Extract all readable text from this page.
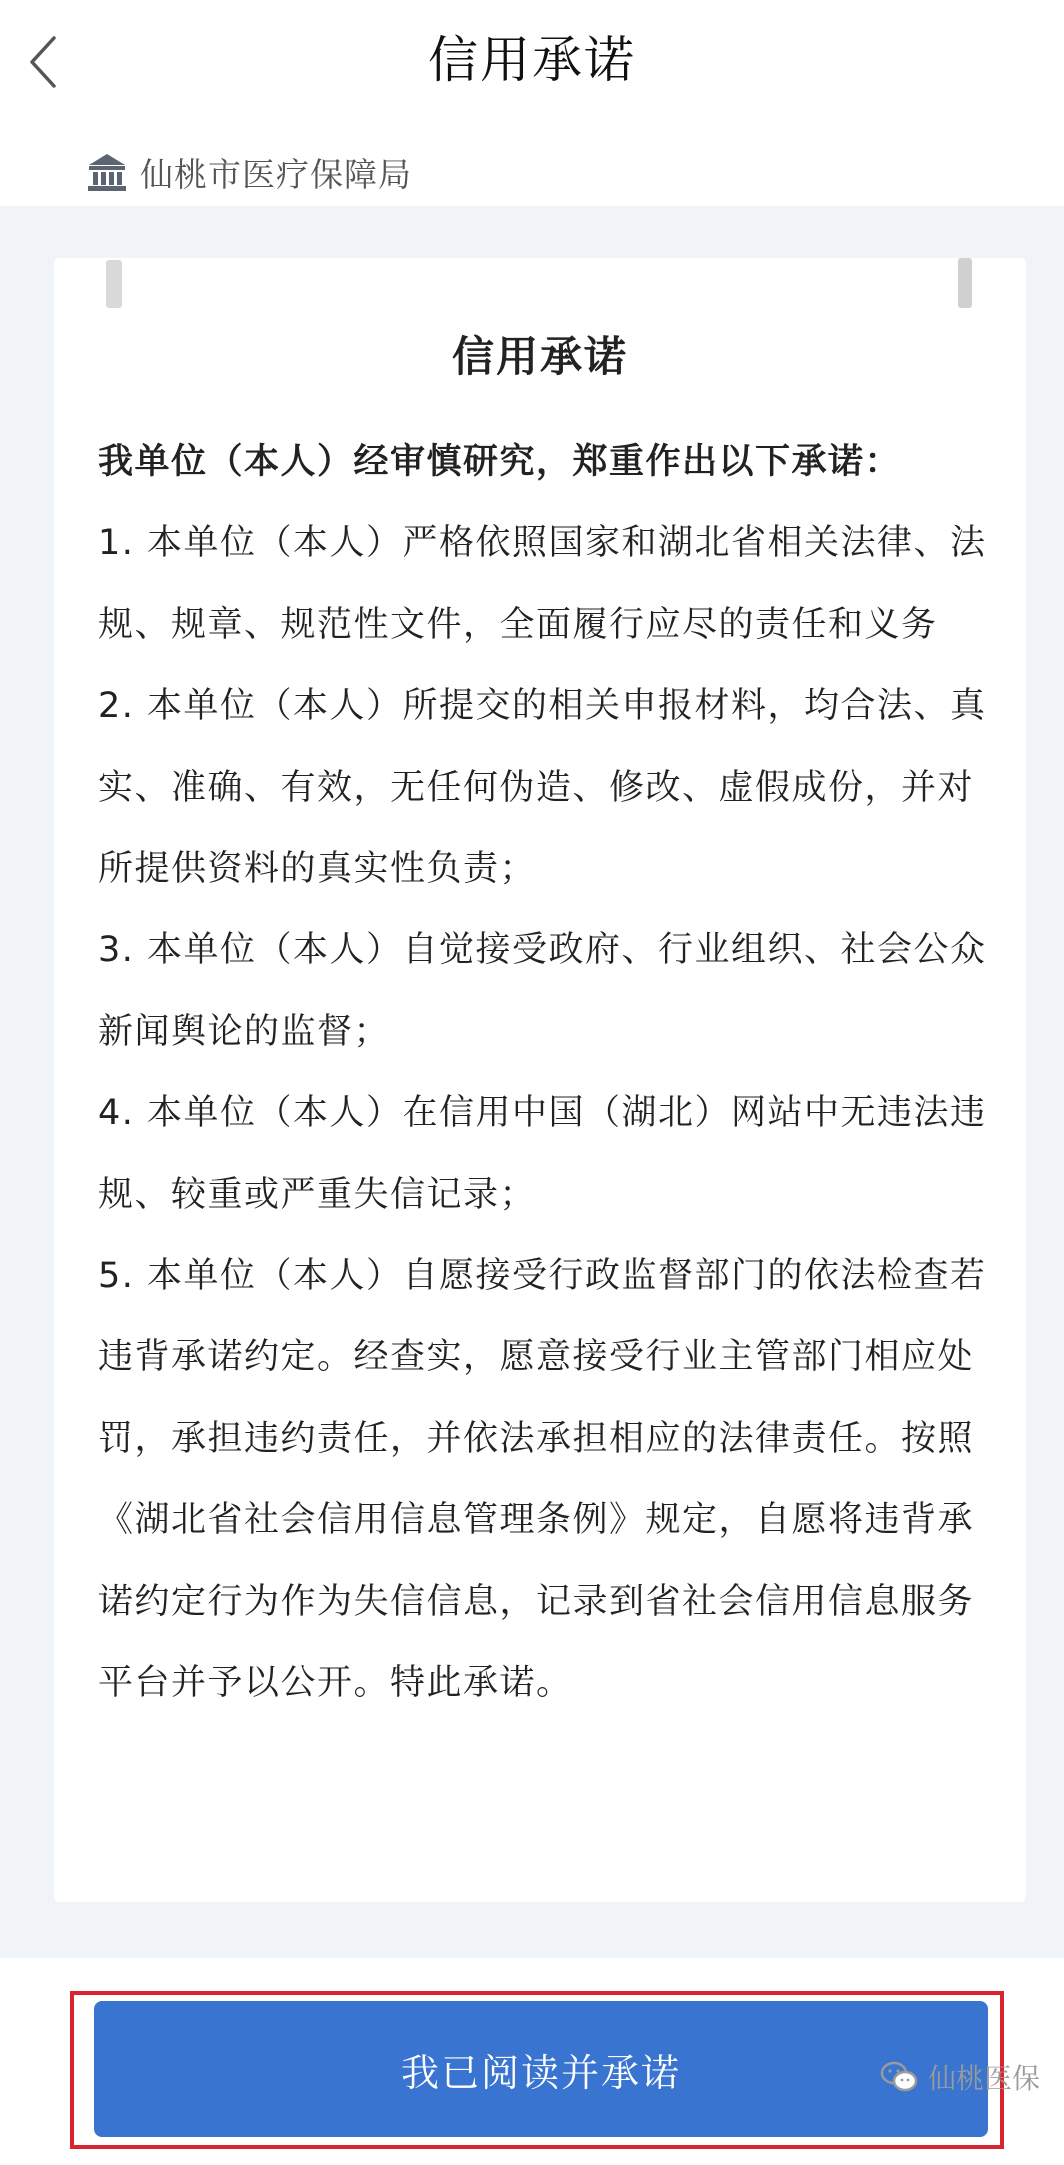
信用承诺
仙桃市医疗保障局
信用承诺

我单位（本人）经审慎研究，郑重作出以下承诺：

1. 本单位（本人）严格依照国家和湖北省相关法律、法规、规章、规范性文件，全面履行应尽的责任和义务

2. 本单位（本人）所提交的相关申报材料，均合法、真实、准确、有效，无任何伪造、修改、虚假成份，并对所提供资料的真实性负责；

3. 本单位（本人）自觉接受政府、行业组织、社会公众新闻舆论的监督；

4. 本单位（本人）在信用中国（湖北）网站中无违法违规、较重或严重失信记录；

5. 本单位（本人）自愿接受行政监督部门的依法检查若违背承诺约定。经查实，愿意接受行业主管部门相应处罚，承担违约责任，并依法承担相应的法律责任。按照《湖北省社会信用信息管理条例》规定，自愿将违背承诺约定行为作为失信信息，记录到省社会信用信息服务平台并予以公开。特此承诺。

我已阅读并承诺	仙桃医保
